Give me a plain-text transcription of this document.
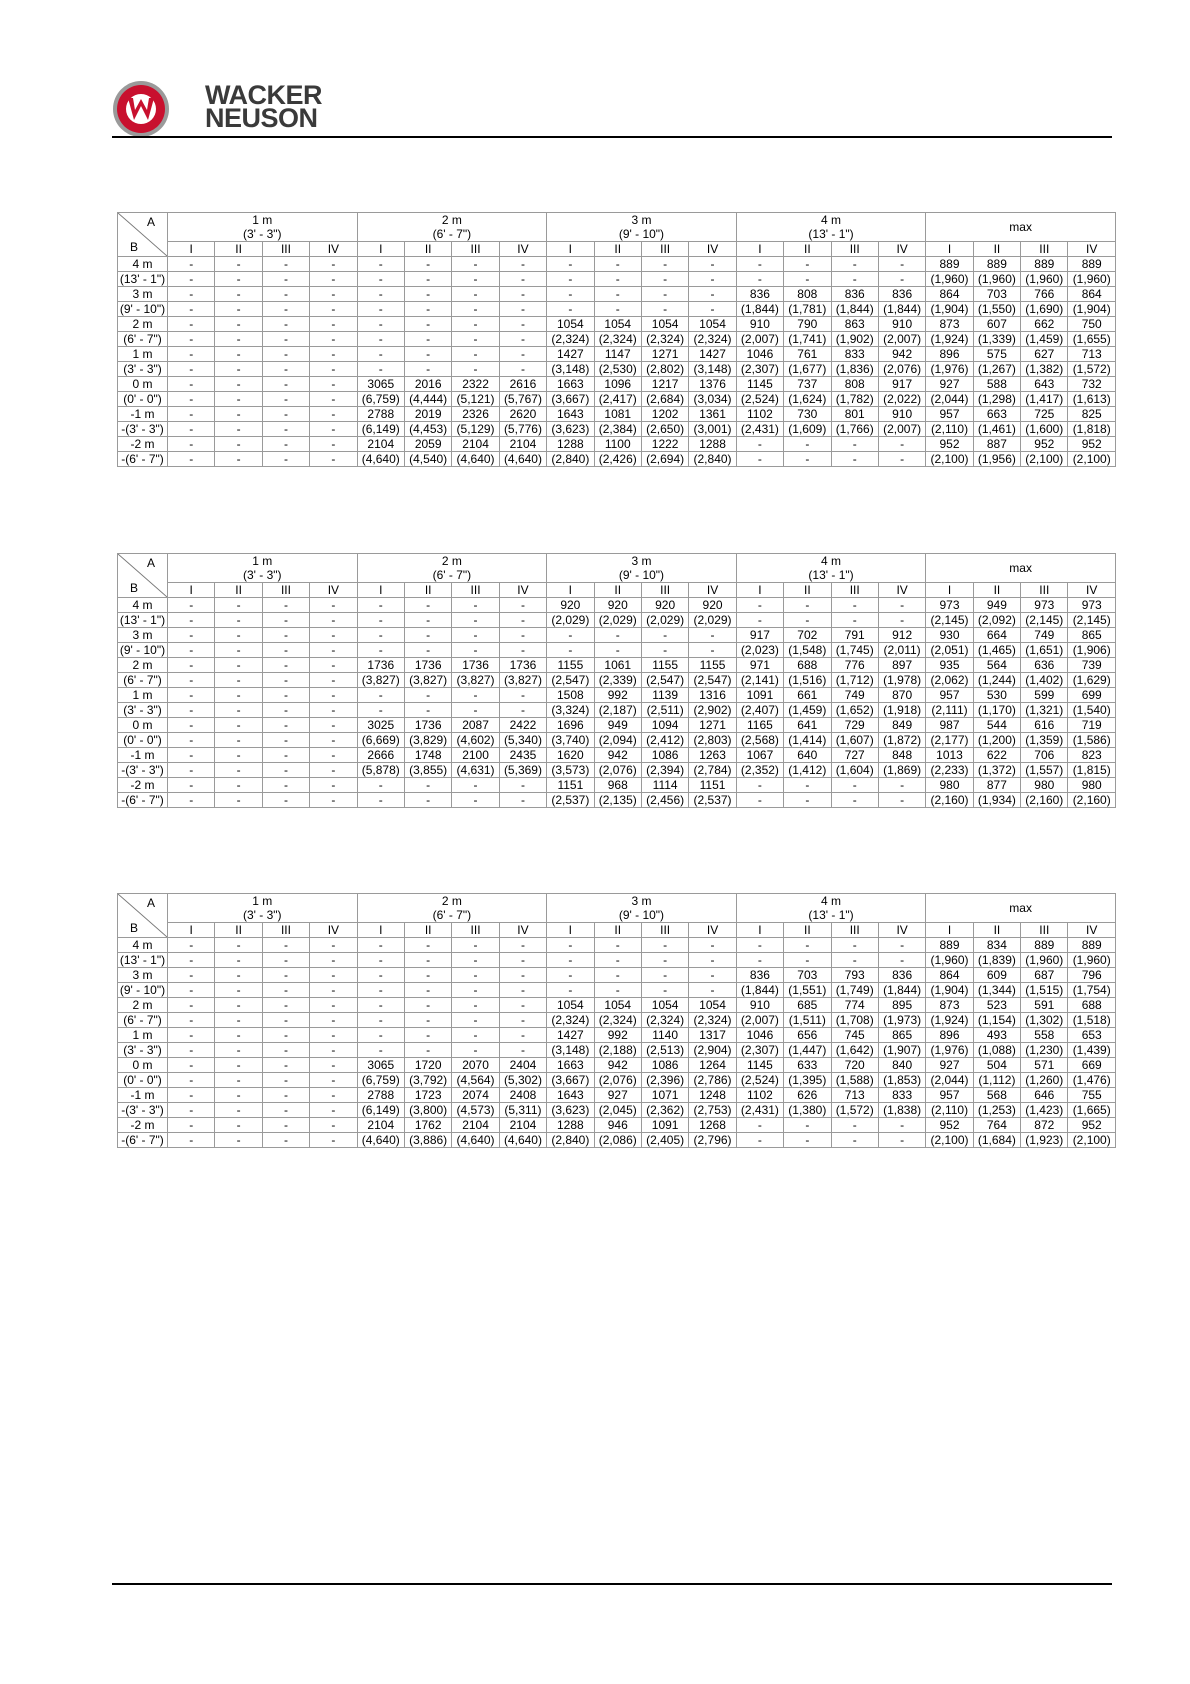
WACKER
NEUSON
A
B	1 m				2 m				3 m				4 m				max			
	(3' - 3")				(6' - 7")				(9' - 10")				(13' - 1")							
	I	II	III	IV	I	II	III	IV	I	II	III	IV	I	II	III	IV	I	II	III	IV
4 m	-	-	-	-	-	-	-	-	-	-	-	-	-	-	-	-	889	889	889	889
(13' - 1")	-	-	-	-	-	-	-	-	-	-	-	-	-	-	-	-	(1,960)	(1,960)	(1,960)	(1,960)
3 m	-	-	-	-	-	-	-	-	-	-	-	-	836	808	836	836	864	703	766	864
(9' - 10")	-	-	-	-	-	-	-	-	-	-	-	-	(1,844)	(1,781)	(1,844)	(1,844)	(1,904)	(1,550)	(1,690)	(1,904)
2 m	-	-	-	-	-	-	-	-	1054	1054	1054	1054	910	790	863	910	873	607	662	750
(6' - 7")	-	-	-	-	-	-	-	-	(2,324)	(2,324)	(2,324)	(2,324)	(2,007)	(1,741)	(1,902)	(2,007)	(1,924)	(1,339)	(1,459)	(1,655)
1 m	-	-	-	-	-	-	-	-	1427	1147	1271	1427	1046	761	833	942	896	575	627	713
(3' - 3")	-	-	-	-	-	-	-	-	(3,148)	(2,530)	(2,802)	(3,148)	(2,307)	(1,677)	(1,836)	(2,076)	(1,976)	(1,267)	(1,382)	(1,572)
0 m	-	-	-	-	3065	2016	2322	2616	1663	1096	1217	1376	1145	737	808	917	927	588	643	732
(0' - 0")	-	-	-	-	(6,759)	(4,444)	(5,121)	(5,767)	(3,667)	(2,417)	(2,684)	(3,034)	(2,524)	(1,624)	(1,782)	(2,022)	(2,044)	(1,298)	(1,417)	(1,613)
-1 m	-	-	-	-	2788	2019	2326	2620	1643	1081	1202	1361	1102	730	801	910	957	663	725	825
-(3' - 3")	-	-	-	-	(6,149)	(4,453)	(5,129)	(5,776)	(3,623)	(2,384)	(2,650)	(3,001)	(2,431)	(1,609)	(1,766)	(2,007)	(2,110)	(1,461)	(1,600)	(1,818)
-2 m	-	-	-	-	2104	2059	2104	2104	1288	1100	1222	1288	-	-	-	-	952	887	952	952
-(6' - 7")	-	-	-	-	(4,640)	(4,540)	(4,640)	(4,640)	(2,840)	(2,426)	(2,694)	(2,840)	-	-	-	-	(2,100)	(1,956)	(2,100)	(2,100)
A
B	1 m				2 m				3 m				4 m				max			
	(3' - 3")				(6' - 7")				(9' - 10")				(13' - 1")							
	I	II	III	IV	I	II	III	IV	I	II	III	IV	I	II	III	IV	I	II	III	IV
4 m	-	-	-	-	-	-	-	-	920	920	920	920	-	-	-	-	973	949	973	973
(13' - 1")	-	-	-	-	-	-	-	-	(2,029)	(2,029)	(2,029)	(2,029)	-	-	-	-	(2,145)	(2,092)	(2,145)	(2,145)
3 m	-	-	-	-	-	-	-	-	-	-	-	-	917	702	791	912	930	664	749	865
(9' - 10")	-	-	-	-	-	-	-	-	-	-	-	-	(2,023)	(1,548)	(1,745)	(2,011)	(2,051)	(1,465)	(1,651)	(1,906)
2 m	-	-	-	-	1736	1736	1736	1736	1155	1061	1155	1155	971	688	776	897	935	564	636	739
(6' - 7")	-	-	-	-	(3,827)	(3,827)	(3,827)	(3,827)	(2,547)	(2,339)	(2,547)	(2,547)	(2,141)	(1,516)	(1,712)	(1,978)	(2,062)	(1,244)	(1,402)	(1,629)
1 m	-	-	-	-	-	-	-	-	1508	992	1139	1316	1091	661	749	870	957	530	599	699
(3' - 3")	-	-	-	-	-	-	-	-	(3,324)	(2,187)	(2,511)	(2,902)	(2,407)	(1,459)	(1,652)	(1,918)	(2,111)	(1,170)	(1,321)	(1,540)
0 m	-	-	-	-	3025	1736	2087	2422	1696	949	1094	1271	1165	641	729	849	987	544	616	719
(0' - 0")	-	-	-	-	(6,669)	(3,829)	(4,602)	(5,340)	(3,740)	(2,094)	(2,412)	(2,803)	(2,568)	(1,414)	(1,607)	(1,872)	(2,177)	(1,200)	(1,359)	(1,586)
-1 m	-	-	-	-	2666	1748	2100	2435	1620	942	1086	1263	1067	640	727	848	1013	622	706	823
-(3' - 3")	-	-	-	-	(5,878)	(3,855)	(4,631)	(5,369)	(3,573)	(2,076)	(2,394)	(2,784)	(2,352)	(1,412)	(1,604)	(1,869)	(2,233)	(1,372)	(1,557)	(1,815)
-2 m	-	-	-	-	-	-	-	-	1151	968	1114	1151	-	-	-	-	980	877	980	980
-(6' - 7")	-	-	-	-	-	-	-	-	(2,537)	(2,135)	(2,456)	(2,537)	-	-	-	-	(2,160)	(1,934)	(2,160)	(2,160)
A
B	1 m				2 m				3 m				4 m				max			
	(3' - 3")				(6' - 7")				(9' - 10")				(13' - 1")							
	I	II	III	IV	I	II	III	IV	I	II	III	IV	I	II	III	IV	I	II	III	IV
4 m	-	-	-	-	-	-	-	-	-	-	-	-	-	-	-	-	889	834	889	889
(13' - 1")	-	-	-	-	-	-	-	-	-	-	-	-	-	-	-	-	(1,960)	(1,839)	(1,960)	(1,960)
3 m	-	-	-	-	-	-	-	-	-	-	-	-	836	703	793	836	864	609	687	796
(9' - 10")	-	-	-	-	-	-	-	-	-	-	-	-	(1,844)	(1,551)	(1,749)	(1,844)	(1,904)	(1,344)	(1,515)	(1,754)
2 m	-	-	-	-	-	-	-	-	1054	1054	1054	1054	910	685	774	895	873	523	591	688
(6' - 7")	-	-	-	-	-	-	-	-	(2,324)	(2,324)	(2,324)	(2,324)	(2,007)	(1,511)	(1,708)	(1,973)	(1,924)	(1,154)	(1,302)	(1,518)
1 m	-	-	-	-	-	-	-	-	1427	992	1140	1317	1046	656	745	865	896	493	558	653
(3' - 3")	-	-	-	-	-	-	-	-	(3,148)	(2,188)	(2,513)	(2,904)	(2,307)	(1,447)	(1,642)	(1,907)	(1,976)	(1,088)	(1,230)	(1,439)
0 m	-	-	-	-	3065	1720	2070	2404	1663	942	1086	1264	1145	633	720	840	927	504	571	669
(0' - 0")	-	-	-	-	(6,759)	(3,792)	(4,564)	(5,302)	(3,667)	(2,076)	(2,396)	(2,786)	(2,524)	(1,395)	(1,588)	(1,853)	(2,044)	(1,112)	(1,260)	(1,476)
-1 m	-	-	-	-	2788	1723	2074	2408	1643	927	1071	1248	1102	626	713	833	957	568	646	755
-(3' - 3")	-	-	-	-	(6,149)	(3,800)	(4,573)	(5,311)	(3,623)	(2,045)	(2,362)	(2,753)	(2,431)	(1,380)	(1,572)	(1,838)	(2,110)	(1,253)	(1,423)	(1,665)
-2 m	-	-	-	-	2104	1762	2104	2104	1288	946	1091	1268	-	-	-	-	952	764	872	952
-(6' - 7")	-	-	-	-	(4,640)	(3,886)	(4,640)	(4,640)	(2,840)	(2,086)	(2,405)	(2,796)	-	-	-	-	(2,100)	(1,684)	(1,923)	(2,100)
